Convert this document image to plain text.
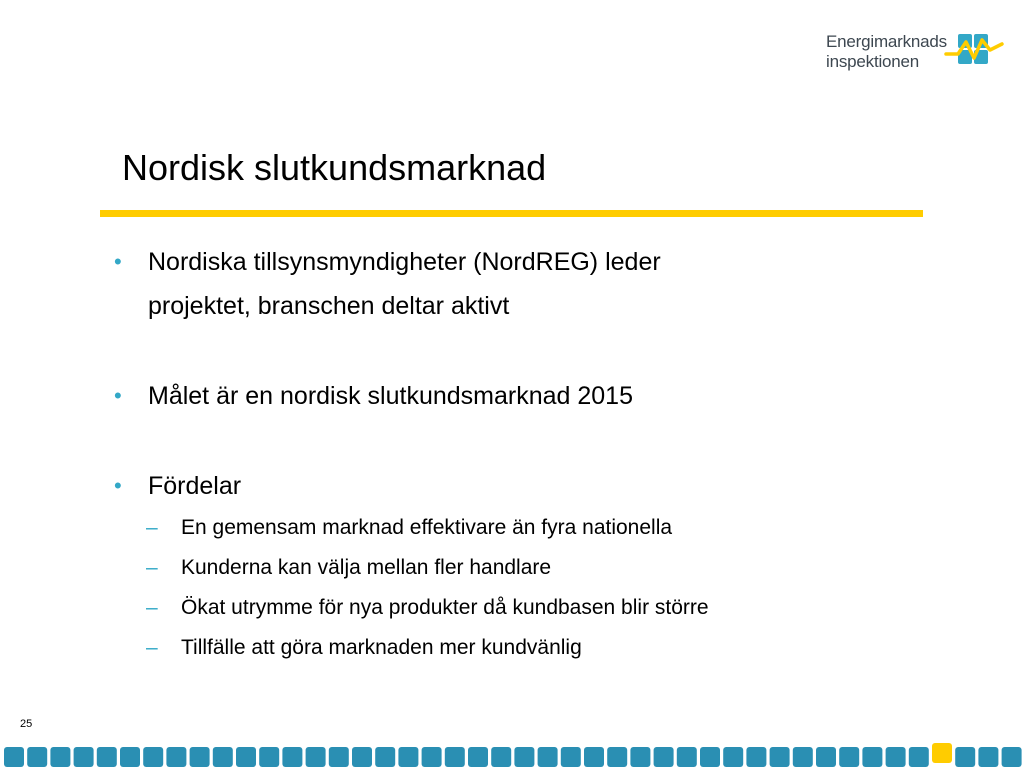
Energimarknads
inspektionen
Nordisk slutkundsmarknad
• Nordiska tillsynsmyndigheter (NordREG) leder
projektet, branschen deltar aktivt
• Målet är en nordisk slutkundsmarknad 2015
• Fördelar
– En gemensam marknad effektivare än fyra nationella
– Kunderna kan välja mellan fler handlare
– Ökat utrymme för nya produkter då kundbasen blir större
– Tillfälle att göra marknaden mer kundvänlig
25
